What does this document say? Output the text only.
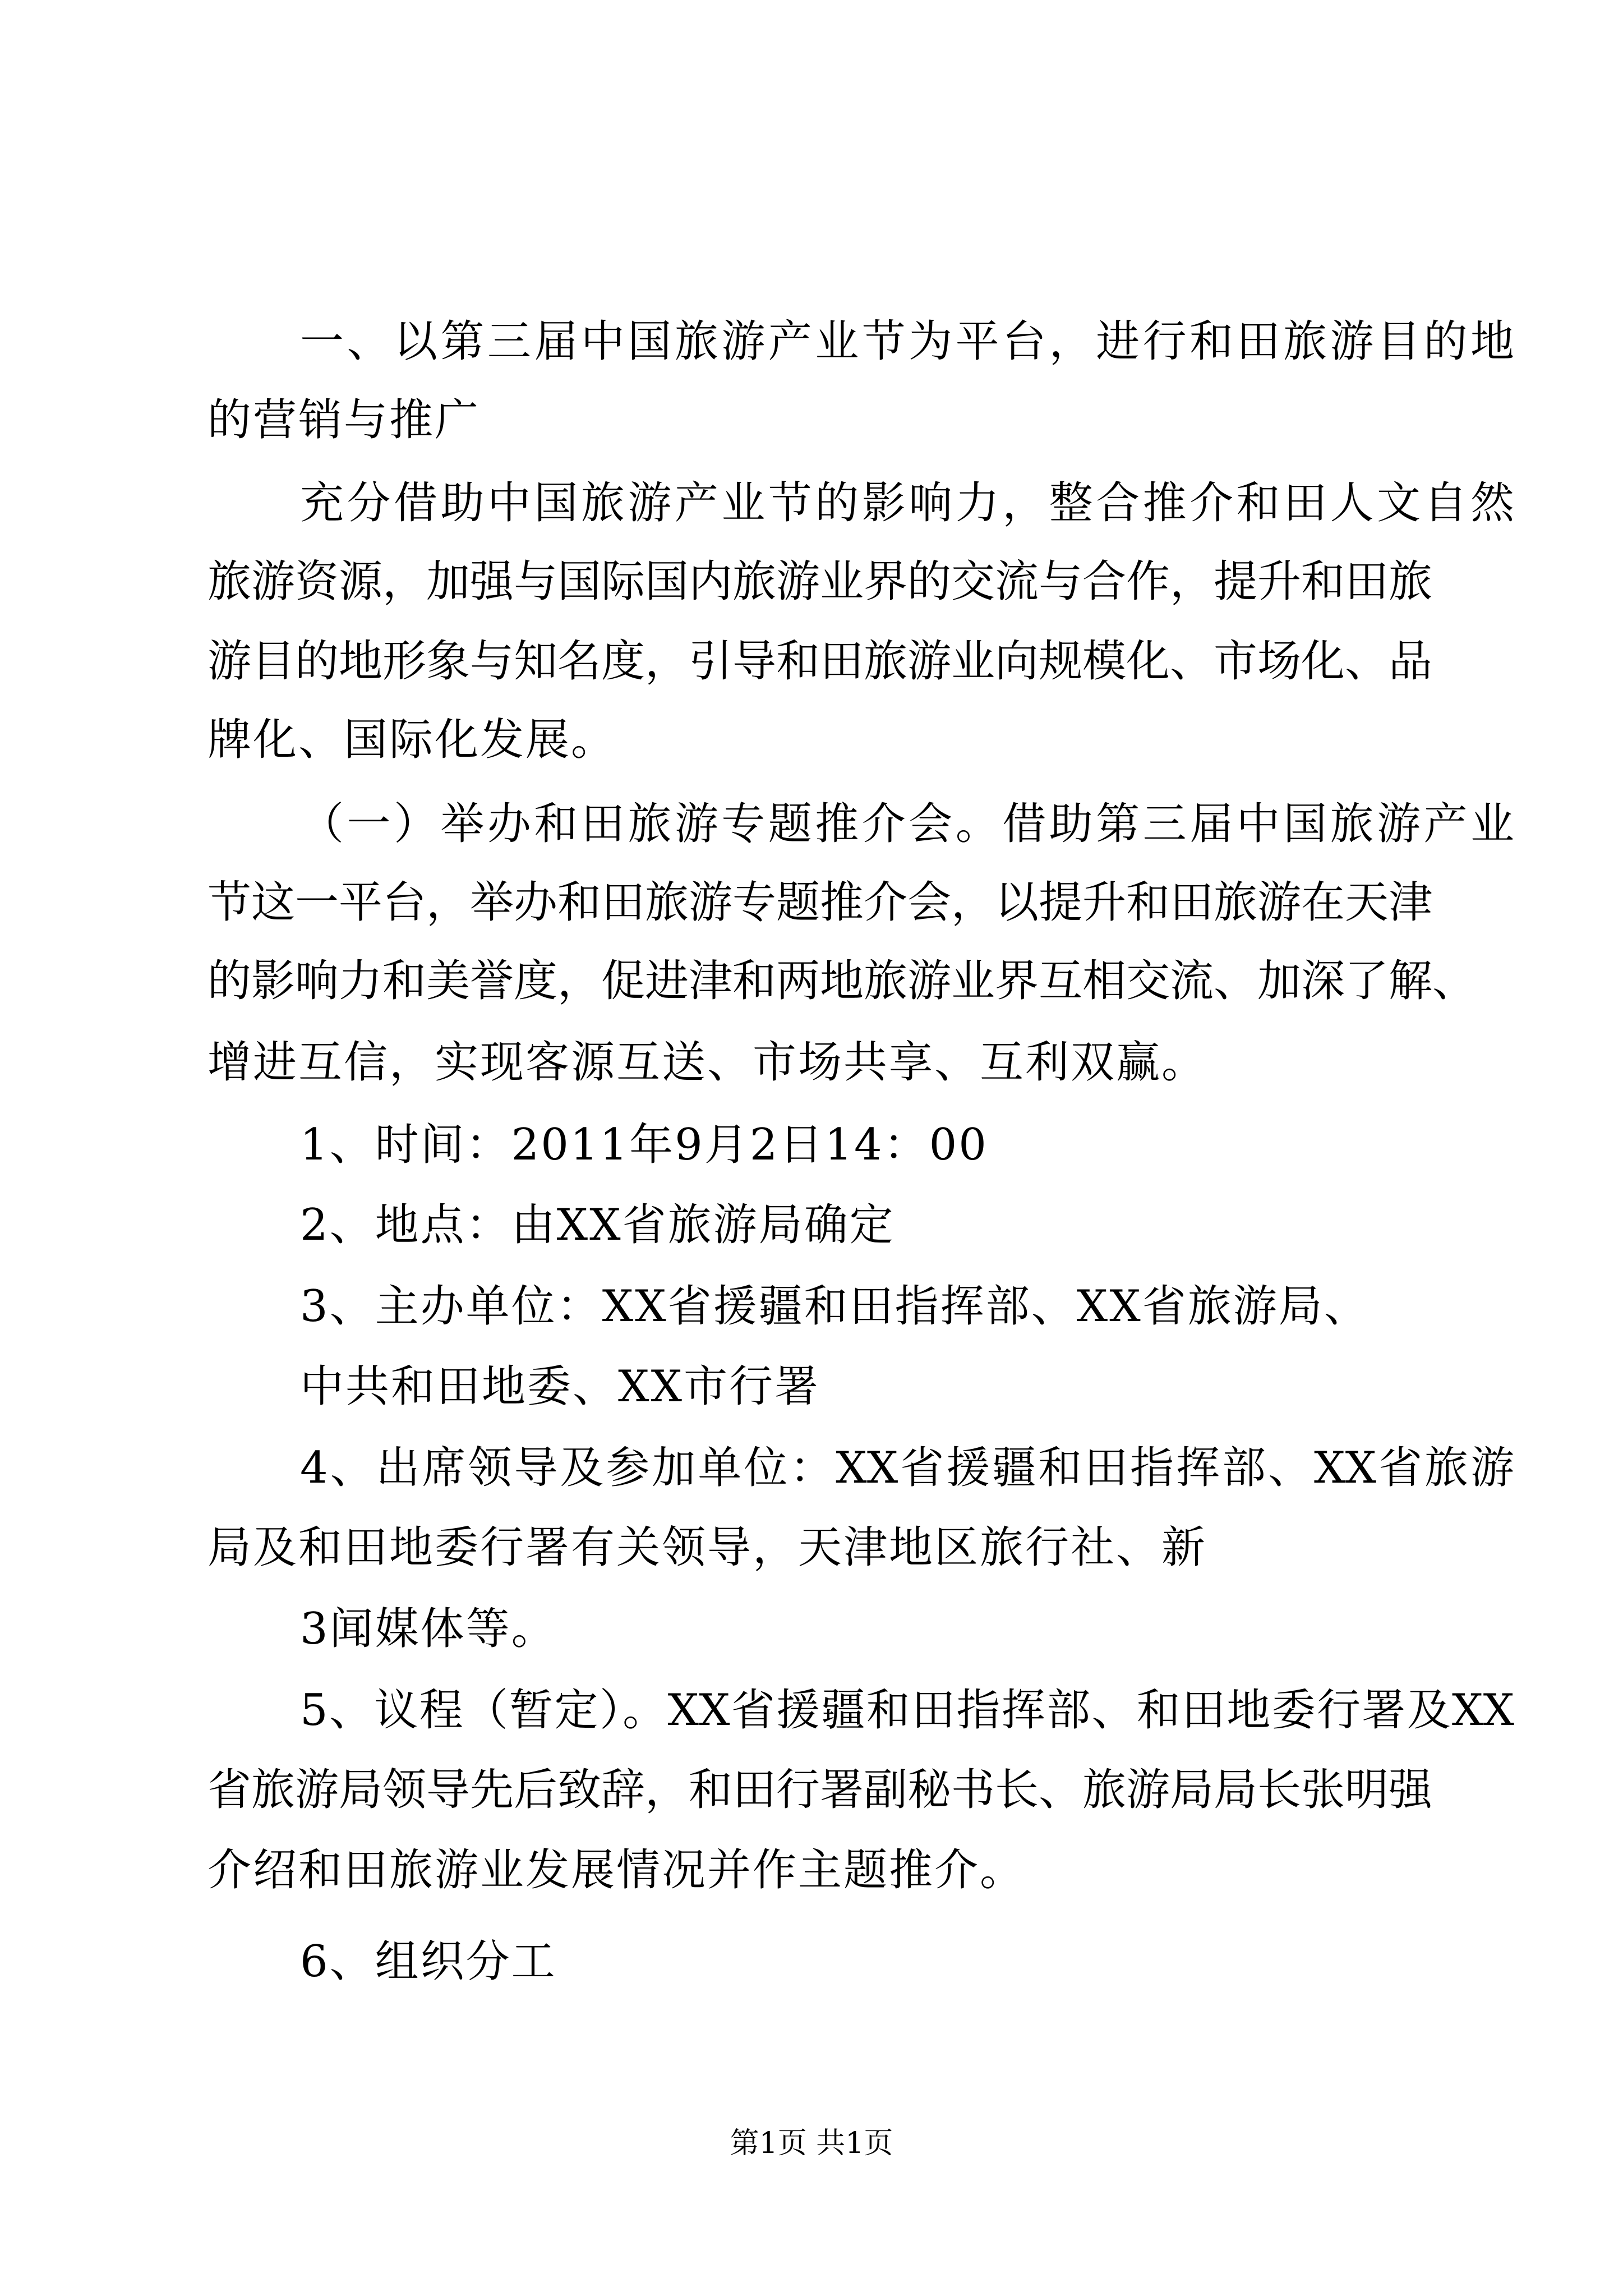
一、以第三届中国旅游产业节为平台，进行和田旅游目的地
的营销与推广
充分借助中国旅游产业节的影响力，整合推介和田人文自然
旅游资源，加强与国际国内旅游业界的交流与合作，提升和田旅
游目的地形象与知名度，引导和田旅游业向规模化、市场化、品
牌化、国际化发展。
（一）举办和田旅游专题推介会。借助第三届中国旅游产业
节这一平台，举办和田旅游专题推介会，以提升和田旅游在天津
的影响力和美誉度，促进津和两地旅游业界互相交流、加深了解、
增进互信，实现客源互送、市场共享、互利双赢。
1、时间：2011年9月2日14：00
2、地点：由XX省旅游局确定
3、主办单位：XX省援疆和田指挥部、XX省旅游局、
中共和田地委、XX市行署
4、出席领导及参加单位：XX省援疆和田指挥部、XX省旅游
局及和田地委行署有关领导，天津地区旅行社、新
3闻媒体等。
5、议程（暂定）。XX省援疆和田指挥部、和田地委行署及XX
省旅游局领导先后致辞，和田行署副秘书长、旅游局局长张明强
介绍和田旅游业发展情况并作主题推介。
6、组织分工
第1页 共1页
